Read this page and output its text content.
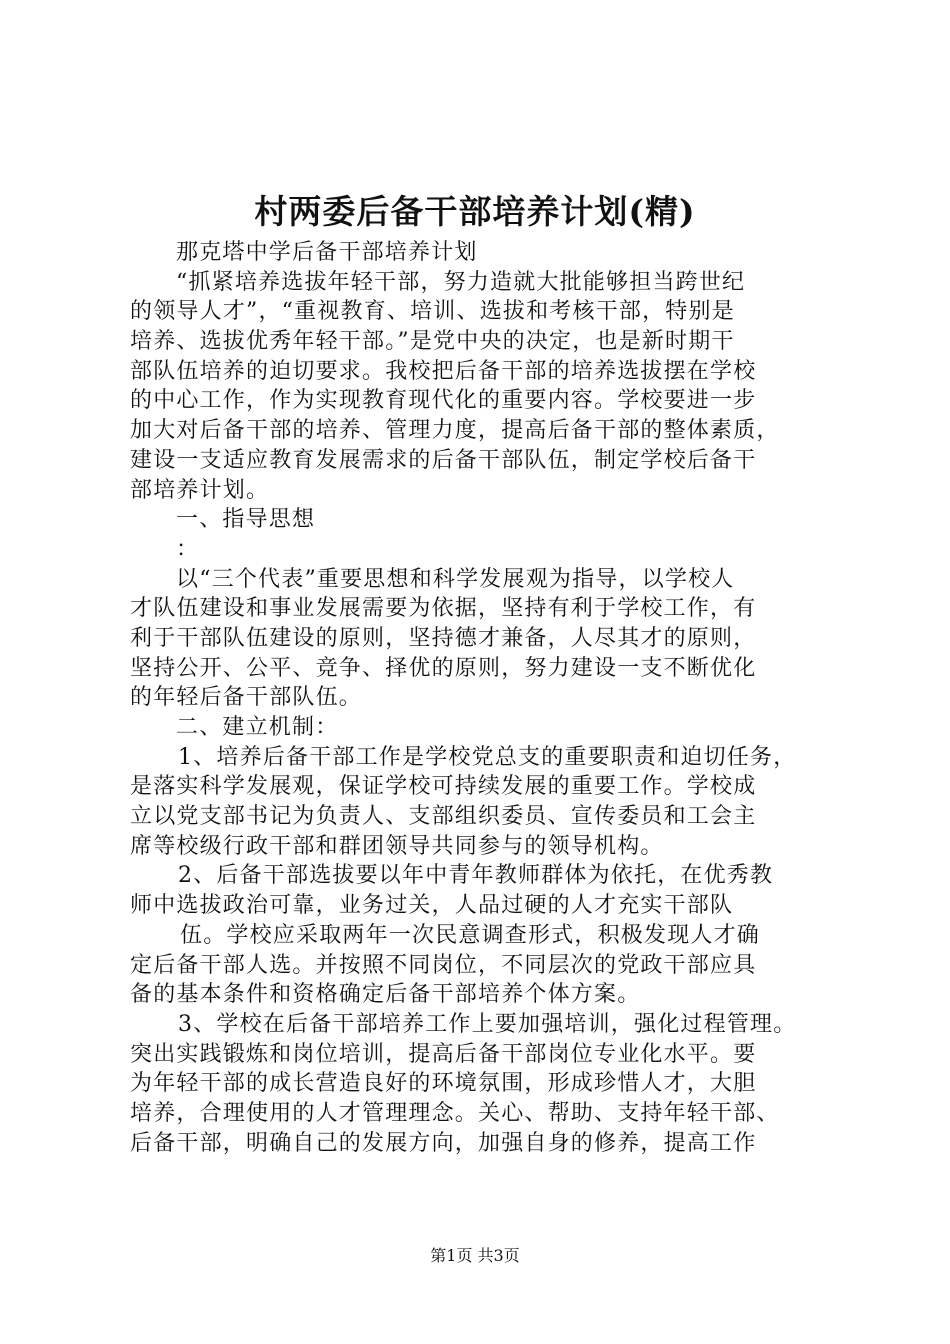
村两委后备干部培养计划(精)
那克塔中学后备干部培养计划
“抓紧培养选拔年轻干部，努力造就大批能够担当跨世纪
的领导人才”，“重视教育、培训、选拔和考核干部，特别是
培养、选拔优秀年轻干部。”是党中央的决定，也是新时期干
部队伍培养的迫切要求。我校把后备干部的培养选拔摆在学校
的中心工作，作为实现教育现代化的重要内容。学校要进一步
加大对后备干部的培养、管理力度，提高后备干部的整体素质，
建设一支适应教育发展需求的后备干部队伍，制定学校后备干
部培养计划。
一、指导思想
：
以“三个代表”重要思想和科学发展观为指导，以学校人
才队伍建设和事业发展需要为依据，坚持有利于学校工作，有
利于干部队伍建设的原则，坚持德才兼备，人尽其才的原则，
坚持公开、公平、竞争、择优的原则，努力建设一支不断优化
的年轻后备干部队伍。
二、建立机制：
1、培养后备干部工作是学校党总支的重要职责和迫切任务，
是落实科学发展观，保证学校可持续发展的重要工作。学校成
立以党支部书记为负责人、支部组织委员、宣传委员和工会主
席等校级行政干部和群团领导共同参与的领导机构。
2、后备干部选拔要以年中青年教师群体为依托，在优秀教
师中选拔政治可靠，业务过关，人品过硬的人才充实干部队
伍。学校应采取两年一次民意调查形式，积极发现人才确
定后备干部人选。并按照不同岗位，不同层次的党政干部应具
备的基本条件和资格确定后备干部培养个体方案。
3、学校在后备干部培养工作上要加强培训，强化过程管理。
突出实践锻炼和岗位培训，提高后备干部岗位专业化水平。要
为年轻干部的成长营造良好的环境氛围，形成珍惜人才，大胆
培养，合理使用的人才管理理念。关心、帮助、支持年轻干部、
后备干部，明确自己的发展方向，加强自身的修养，提高工作
第1页 共3页
